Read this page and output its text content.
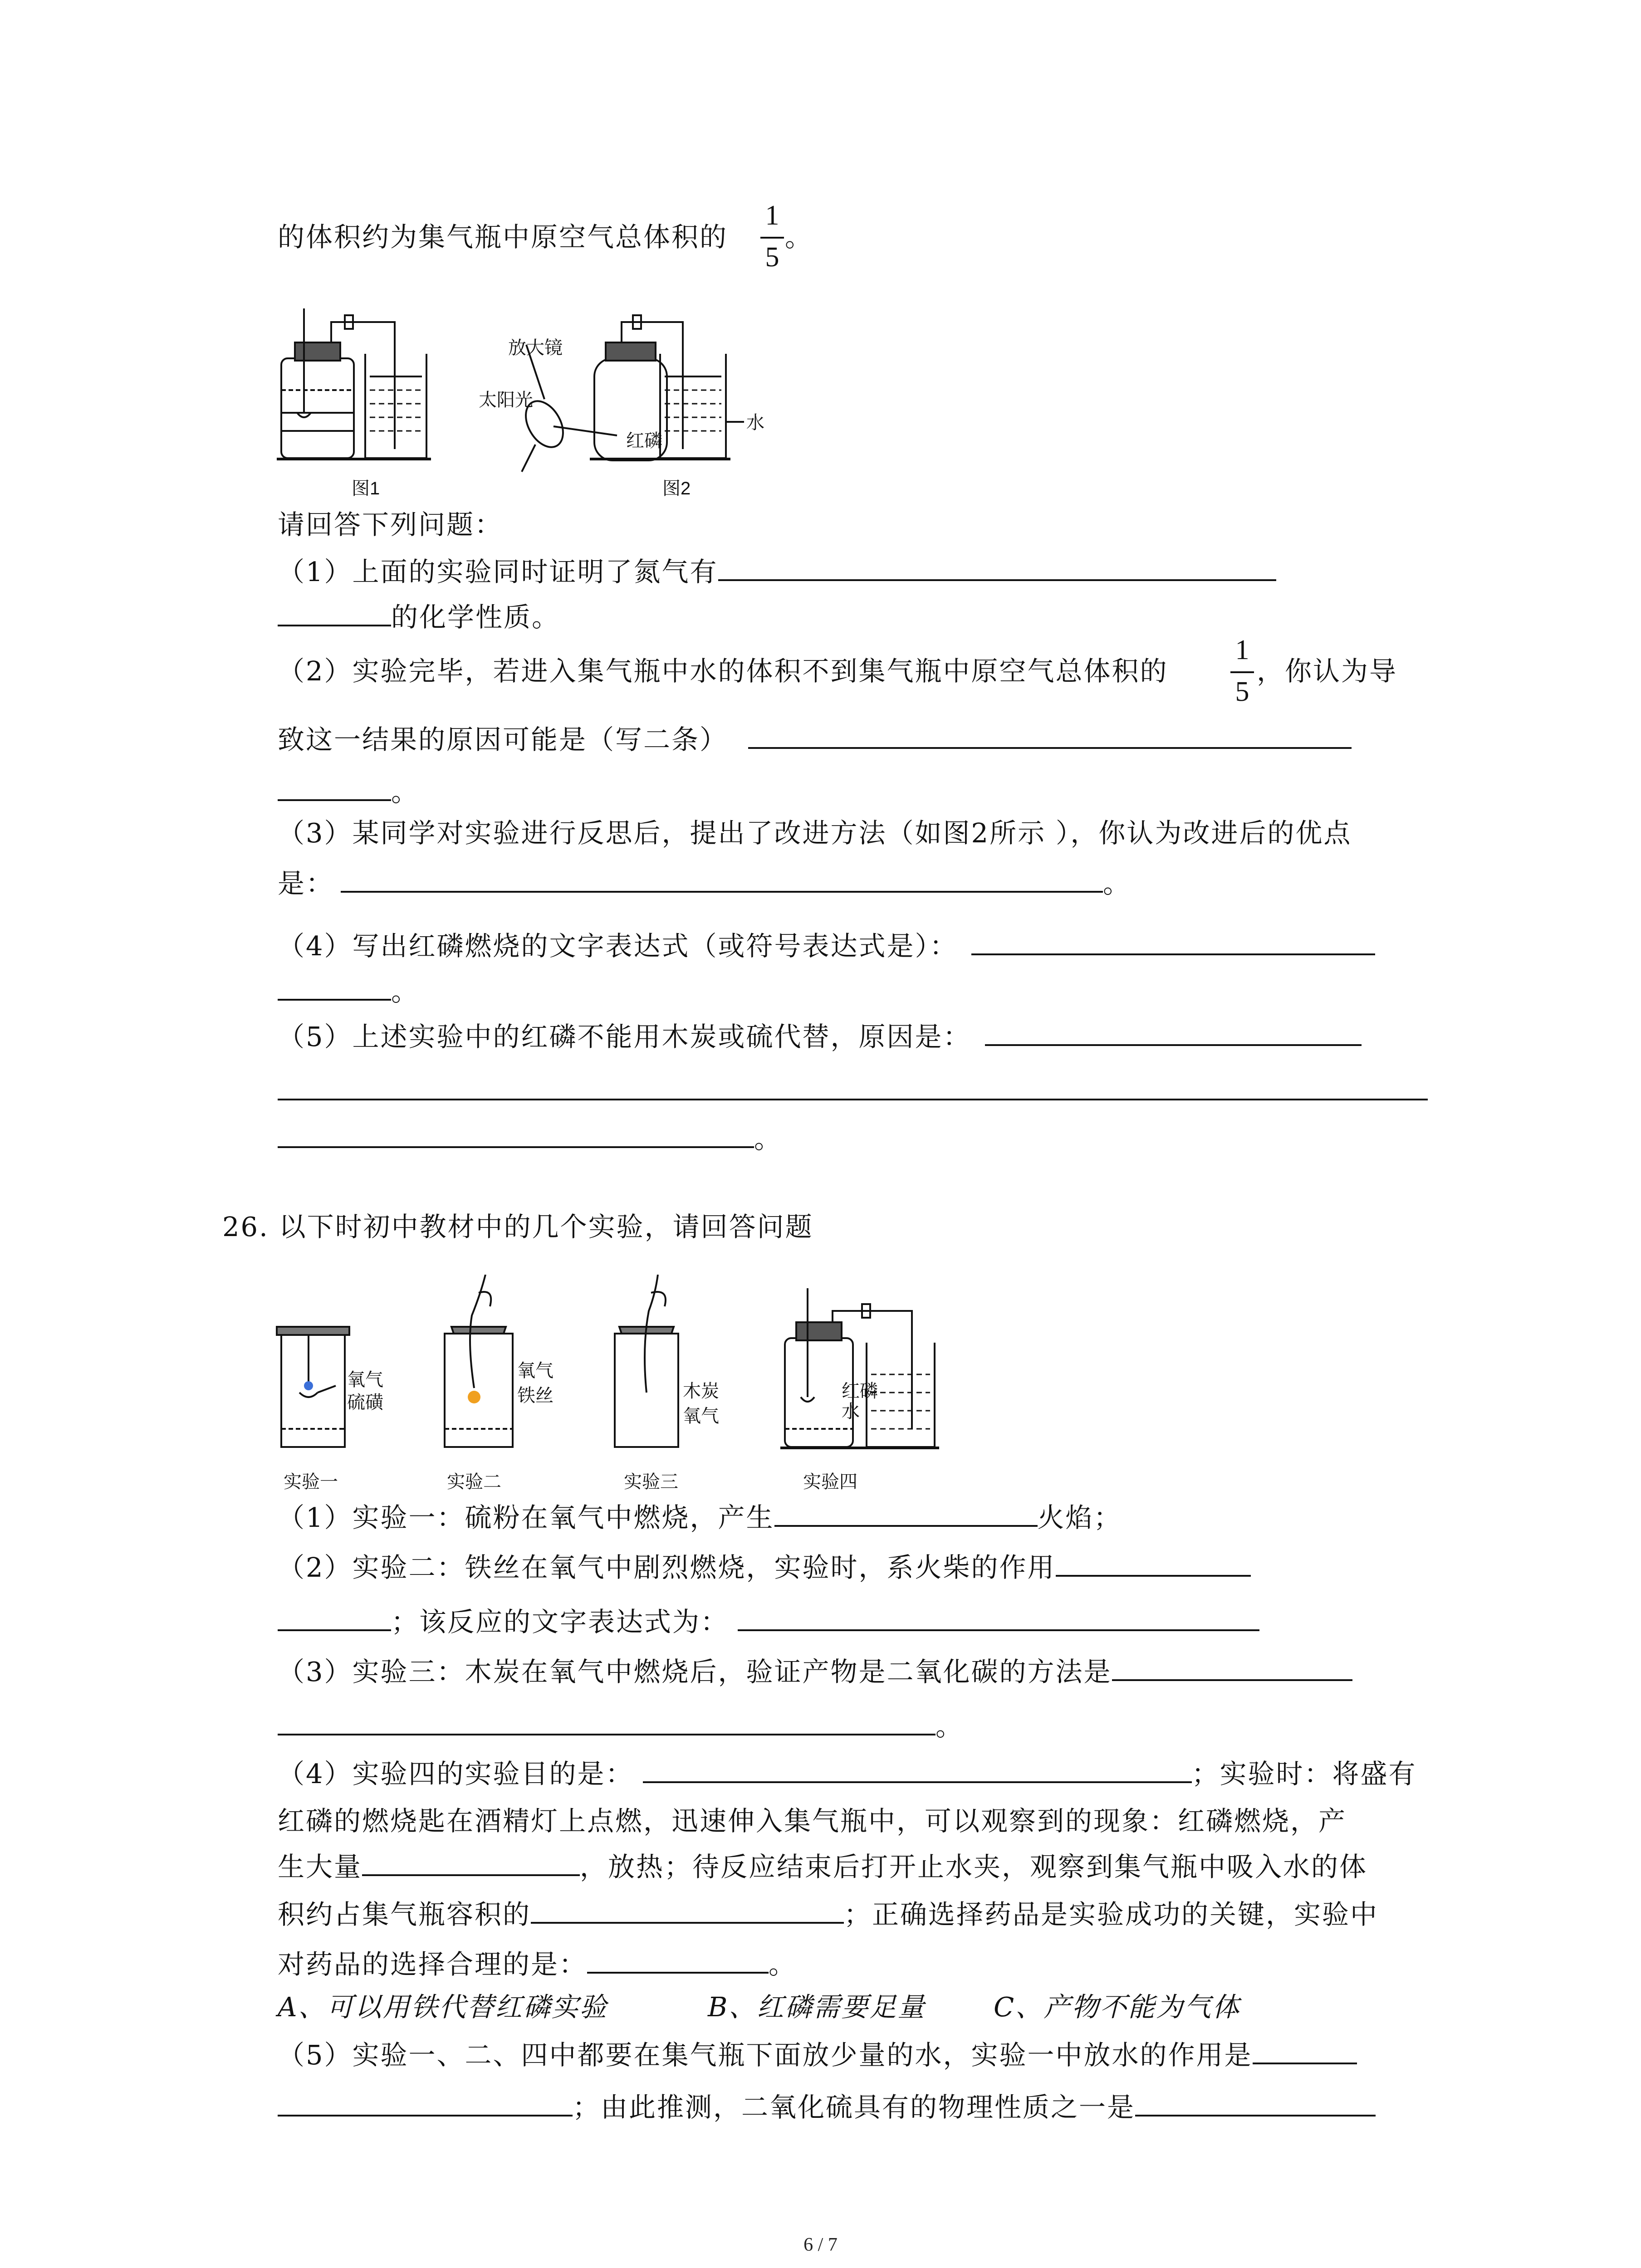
的体积约为集气瓶中原空气总体积的
1
5
。
图1	图2
放大镜
太阳光
红磷
水
请回答下列问题：
（1）上面的实验同时证明了氮气有
的化学性质。
（2）实验完毕，若进入集气瓶中水的体积不到集气瓶中原空气总体积的
1
5
，你认为导
致这一结果的原因可能是（写二条）
。
（3）某同学对实验进行反思后，提出了改进方法（如图2所示 ），你认为改进后的优点
是：	。
（4）写出红磷燃烧的文字表达式（或符号表达式是）：
。
（5）上述实验中的红磷不能用木炭或硫代替，原因是：
。
26. 以下时初中教材中的几个实验，请回答问题
氧气
硫磺
实验一
氧气
铁丝
实验二
木炭
氧气
实验三
红磷
水
实验四
（1）实验一：硫粉在氧气中燃烧，产生	火焰；
（2）实验二：铁丝在氧气中剧烈燃烧，实验时，系火柴的作用
；该反应的文字表达式为：
（3）实验三：木炭在氧气中燃烧后，验证产物是二氧化碳的方法是
。
（4）实验四的实验目的是：	；实验时：将盛有
红磷的燃烧匙在酒精灯上点燃，迅速伸入集气瓶中，可以观察到的现象：红磷燃烧，产
生大量	，放热；待反应结束后打开止水夹，观察到集气瓶中吸入水的体
积约占集气瓶容积的	；正确选择药品是实验成功的关键，实验中
对药品的选择合理的是：	。
A、可以用铁代替红磷实验	B、红磷需要足量	C、产物不能为气体
（5）实验一、二、四中都要在集气瓶下面放少量的水，实验一中放水的作用是
；由此推测，二氧化硫具有的物理性质之一是
6 / 7
